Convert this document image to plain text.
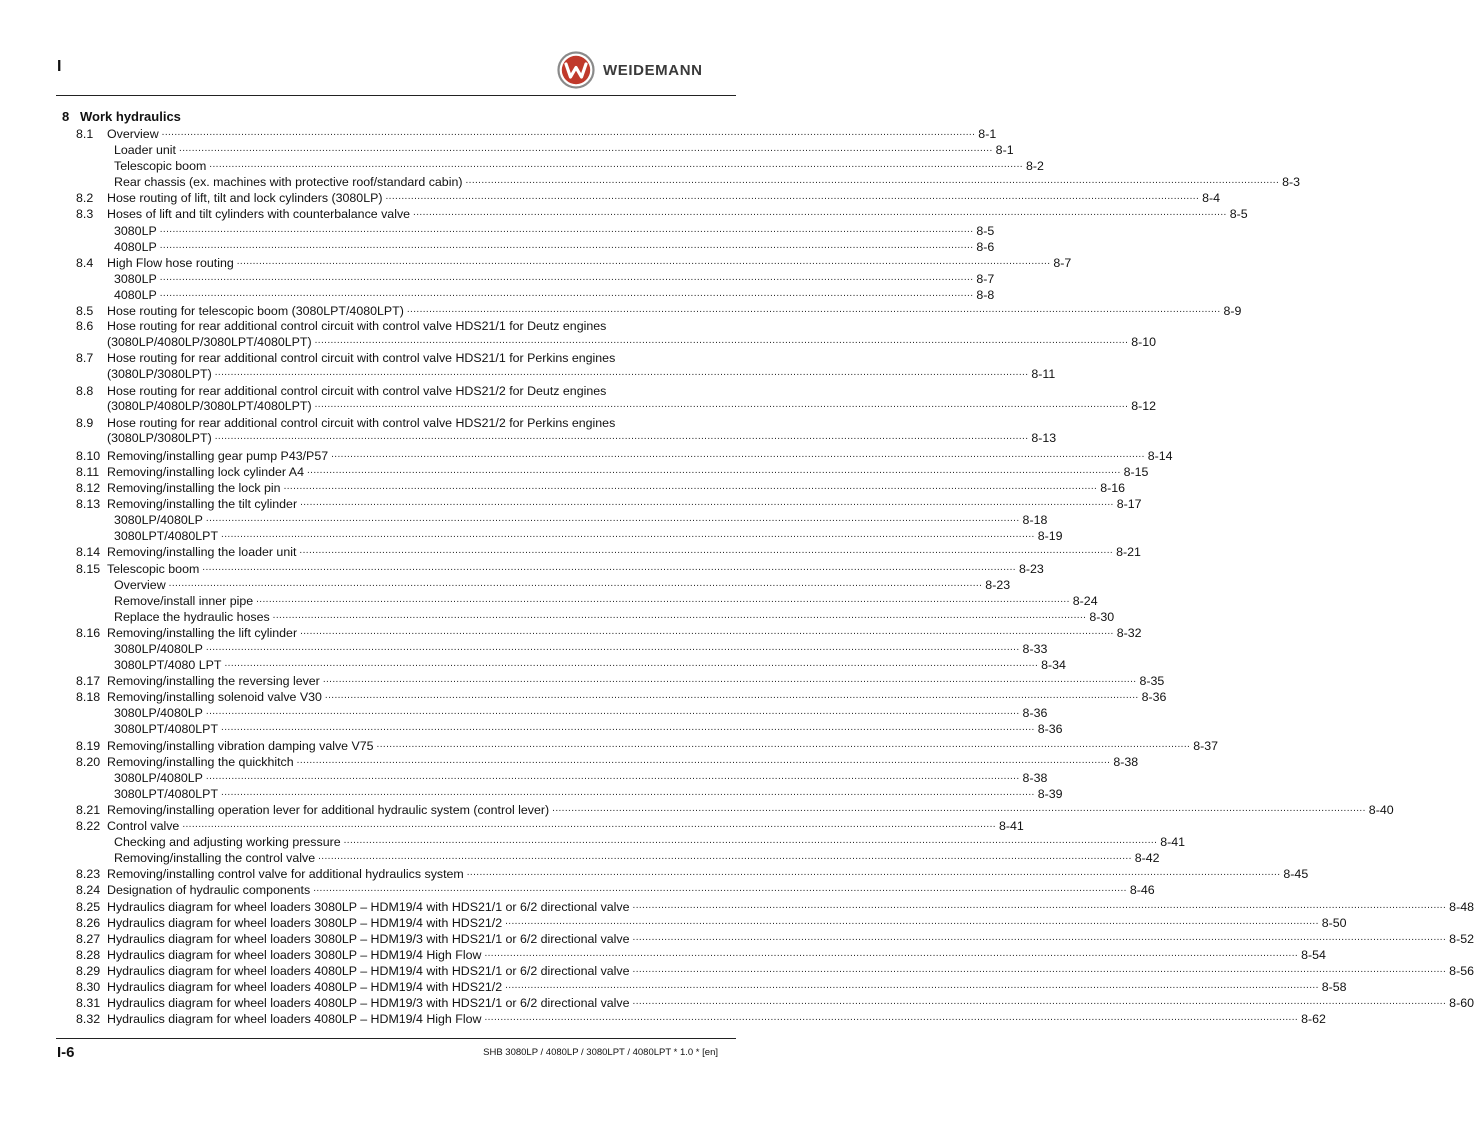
I	WEIDEMANN
8 Work hydraulics
8.1	Overview .....	8-1
Loader unit .....	8-1
Telescopic boom .....	8-2
Rear chassis (ex. machines with protective roof/standard cabin) .....	8-3
8.2	Hose routing of lift, tilt and lock cylinders (3080LP) .....	8-4
8.3	Hoses of lift and tilt cylinders with counterbalance valve .....	8-5
3080LP .....	8-5
4080LP .....	8-6
8.4	High Flow hose routing .....	8-7
3080LP .....	8-7
4080LP .....	8-8
8.5	Hose routing for telescopic boom (3080LPT/4080LPT) .....	8-9
8.6	Hose routing for rear additional control circuit with control valve HDS21/1 for Deutz engines
(3080LP/4080LP/3080LPT/4080LPT) .....	8-10
8.7	Hose routing for rear additional control circuit with control valve HDS21/1 for Perkins engines
(3080LP/3080LPT) .....	8-11
8.8	Hose routing for rear additional control circuit with control valve HDS21/2 for Deutz engines
(3080LP/4080LP/3080LPT/4080LPT) .....	8-12
8.9	Hose routing for rear additional control circuit with control valve HDS21/2 for Perkins engines
(3080LP/3080LPT) .....	8-13
8.10 Removing/installing gear pump P43/P57 .....	8-14
8.11 Removing/installing lock cylinder A4 .....	8-15
8.12 Removing/installing the lock pin .....	8-16
8.13 Removing/installing the tilt cylinder .....	8-17
3080LP/4080LP .....	8-18
3080LPT/4080LPT .....	8-19
8.14 Removing/installing the loader unit .....	8-21
8.15 Telescopic boom .....	8-23
Overview .....	8-23
Remove/install inner pipe .....	8-24
Replace the hydraulic hoses .....	8-30
8.16 Removing/installing the lift cylinder .....	8-32
3080LP/4080LP .....	8-33
3080LPT/4080 LPT .....	8-34
8.17 Removing/installing the reversing lever .....	8-35
8.18 Removing/installing solenoid valve V30 .....	8-36
3080LP/4080LP .....	8-36
3080LPT/4080LPT .....	8-36
8.19 Removing/installing vibration damping valve V75 .....	8-37
8.20 Removing/installing the quickhitch .....	8-38
3080LP/4080LP .....	8-38
3080LPT/4080LPT .....	8-39
8.21 Removing/installing operation lever for additional hydraulic system (control lever) .....	8-40
8.22 Control valve .....	8-41
Checking and adjusting working pressure .....	8-41
Removing/installing the control valve .....	8-42
8.23 Removing/installing control valve for additional hydraulics system .....	8-45
8.24 Designation of hydraulic components .....	8-46
8.25 Hydraulics diagram for wheel loaders 3080LP – HDM19/4 with HDS21/1 or 6/2 directional valve .....	8-48
8.26 Hydraulics diagram for wheel loaders 3080LP – HDM19/4 with HDS21/2 .....	8-50
8.27 Hydraulics diagram for wheel loaders 3080LP – HDM19/3 with HDS21/1 or 6/2 directional valve .....	8-52
8.28 Hydraulics diagram for wheel loaders 3080LP – HDM19/4 High Flow .....	8-54
8.29 Hydraulics diagram for wheel loaders 4080LP – HDM19/4 with HDS21/1 or 6/2 directional valve .....	8-56
8.30 Hydraulics diagram for wheel loaders 4080LP – HDM19/4 with HDS21/2 .....	8-58
8.31 Hydraulics diagram for wheel loaders 4080LP – HDM19/3 with HDS21/1 or 6/2 directional valve .....	8-60
8.32 Hydraulics diagram for wheel loaders 4080LP – HDM19/4 High Flow .....	8-62
I-6	SHB 3080LP / 4080LP / 3080LPT / 4080LPT * 1.0 * [en]
